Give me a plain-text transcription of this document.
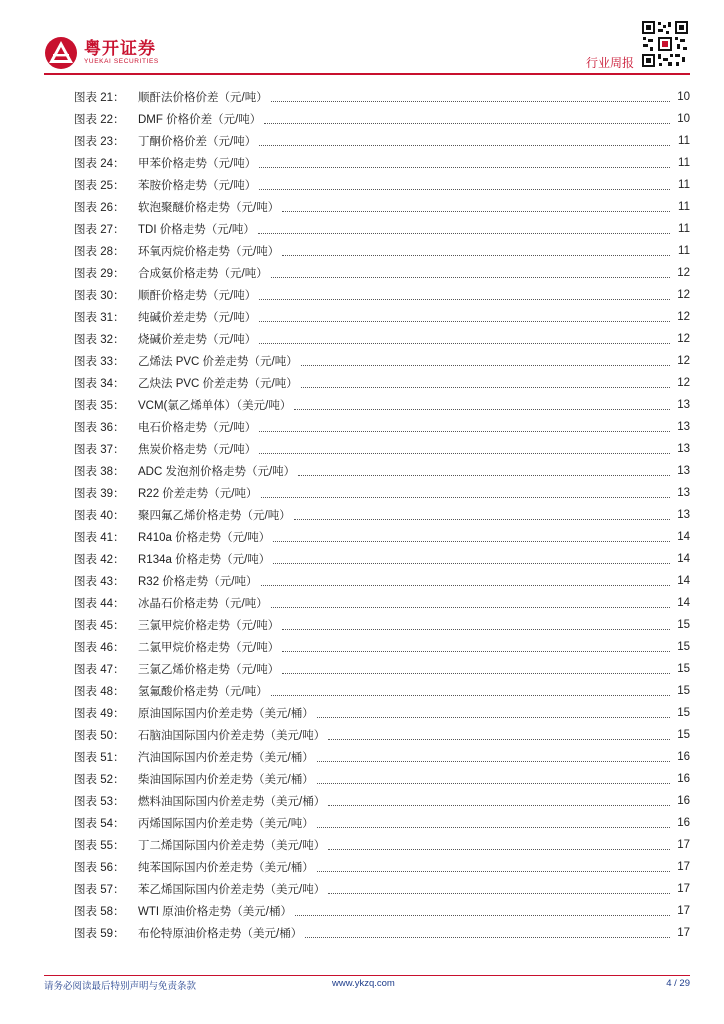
粤开证券
YUEKAI SECURITIES	行业周报
图表 21：	顺酐法价格价差（元/吨）	10
图表 22：	DMF 价格价差（元/吨）	10
图表 23：	丁酮价格价差（元/吨）	11
图表 24：	甲苯价格走势（元/吨）	11
图表 25：	苯胺价格走势（元/吨）	11
图表 26：	软泡聚醚价格走势（元/吨）	11
图表 27：	TDI 价格走势（元/吨）	11
图表 28：	环氧丙烷价格走势（元/吨）	11
图表 29：	合成氨价格走势（元/吨）	12
图表 30：	顺酐价格走势（元/吨）	12
图表 31：	纯碱价差走势（元/吨）	12
图表 32：	烧碱价差走势（元/吨）	12
图表 33：	乙烯法 PVC 价差走势（元/吨）	12
图表 34：	乙炔法 PVC 价差走势（元/吨）	12
图表 35：	VCM(氯乙烯单体）（美元/吨）	13
图表 36：	电石价格走势（元/吨）	13
图表 37：	焦炭价格走势（元/吨）	13
图表 38：	ADC 发泡剂价格走势（元/吨）	13
图表 39：	R22 价差走势（元/吨）	13
图表 40：	聚四氟乙烯价格走势（元/吨）	13
图表 41：	R410a 价格走势（元/吨）	14
图表 42：	R134a 价格走势（元/吨）	14
图表 43：	R32 价格走势（元/吨）	14
图表 44：	冰晶石价格走势（元/吨）	14
图表 45：	三氯甲烷价格走势（元/吨）	15
图表 46：	二氯甲烷价格走势（元/吨）	15
图表 47：	三氯乙烯价格走势（元/吨）	15
图表 48：	氢氟酸价格走势（元/吨）	15
图表 49：	原油国际国内价差走势（美元/桶）	15
图表 50：	石脑油国际国内价差走势（美元/吨）	15
图表 51：	汽油国际国内价差走势（美元/桶）	16
图表 52：	柴油国际国内价差走势（美元/桶）	16
图表 53：	燃料油国际国内价差走势（美元/桶）	16
图表 54：	丙烯国际国内价差走势（美元/吨）	16
图表 55：	丁二烯国际国内价差走势（美元/吨）	17
图表 56：	纯苯国际国内价差走势（美元/桶）	17
图表 57：	苯乙烯国际国内价差走势（美元/吨）	17
图表 58：	WTI 原油价格走势（美元/桶）	17
图表 59：	布伦特原油价格走势（美元/桶）	17
请务必阅读最后特别声明与免责条款	www.ykzq.com	4 / 29
